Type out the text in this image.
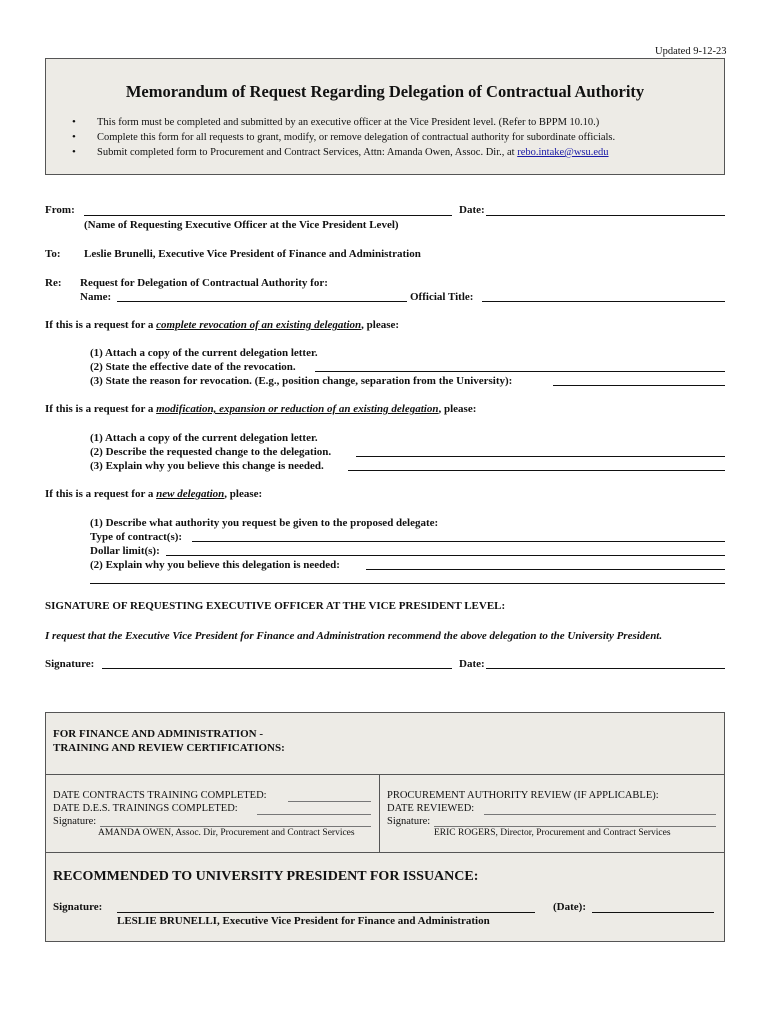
Updated 9-12-23
Memorandum of Request Regarding Delegation of Contractual Authority
• This form must be completed and submitted by an executive officer at the Vice President level. (Refer to BPPM 10.10.)
• Complete this form for all requests to grant, modify, or remove delegation of contractual authority for subordinate officials.
• Submit completed form to Procurement and Contract Services, Attn: Amanda Owen, Assoc. Dir., at rebo.intake@wsu.edu
From:	Date:
(Name of Requesting Executive Officer at the Vice President Level)
To: Leslie Brunelli, Executive Vice President of Finance and Administration
Re: Request for Delegation of Contractual Authority for:
Name:	Official Title:
If this is a request for a complete revocation of an existing delegation, please:
(1) Attach a copy of the current delegation letter.
(2) State the effective date of the revocation.
(3) State the reason for revocation. (E.g., position change, separation from the University):
If this is a request for a modification, expansion or reduction of an existing delegation, please:
(1) Attach a copy of the current delegation letter.
(2) Describe the requested change to the delegation.
(3) Explain why you believe this change is needed.
If this is a request for a new delegation, please:
(1) Describe what authority you request be given to the proposed delegate:
Type of contract(s):
Dollar limit(s):
(2) Explain why you believe this delegation is needed:
SIGNATURE OF REQUESTING EXECUTIVE OFFICER AT THE VICE PRESIDENT LEVEL:
I request that the Executive Vice President for Finance and Administration recommend the above delegation to the University President.
Signature:	Date:
FOR FINANCE AND ADMINISTRATION -
TRAINING AND REVIEW CERTIFICATIONS:
DATE CONTRACTS TRAINING COMPLETED:
DATE D.E.S. TRAININGS COMPLETED:
Signature:
AMANDA OWEN, Assoc. Dir, Procurement and Contract Services
PROCUREMENT AUTHORITY REVIEW (IF APPLICABLE):
DATE REVIEWED:
Signature:
ERIC ROGERS, Director, Procurement and Contract Services
RECOMMENDED TO UNIVERSITY PRESIDENT FOR ISSUANCE:
Signature:	(Date):
LESLIE BRUNELLI, Executive Vice President for Finance and Administration
